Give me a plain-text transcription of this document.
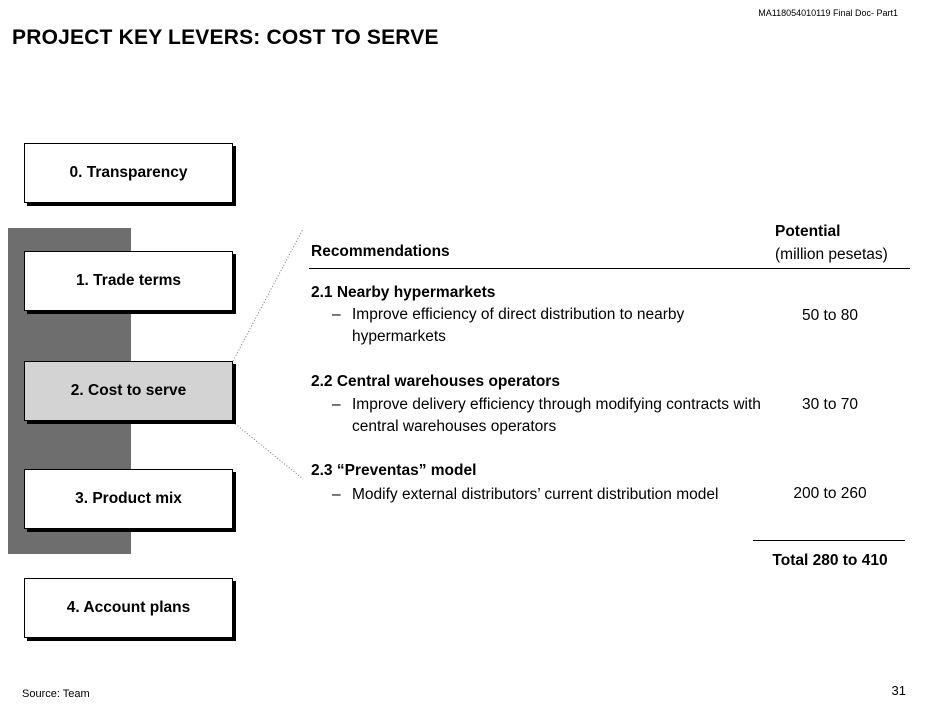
MA118054010119 Final Doc- Part1
PROJECT KEY LEVERS: COST TO SERVE
0. Transparency
1. Trade terms
2. Cost to serve
3. Product mix
4. Account plans
Recommendations
Potential
(million pesetas)
2.1 Nearby hypermarkets
– Improve efficiency of direct distribution to nearby hypermarkets
50 to 80
2.2 Central warehouses operators
– Improve delivery efficiency through modifying contracts with central warehouses operators
30 to 70
2.3 “Preventas” model
– Modify external distributors’ current distribution model	200 to 260
Total 280 to 410
Source: Team	31
